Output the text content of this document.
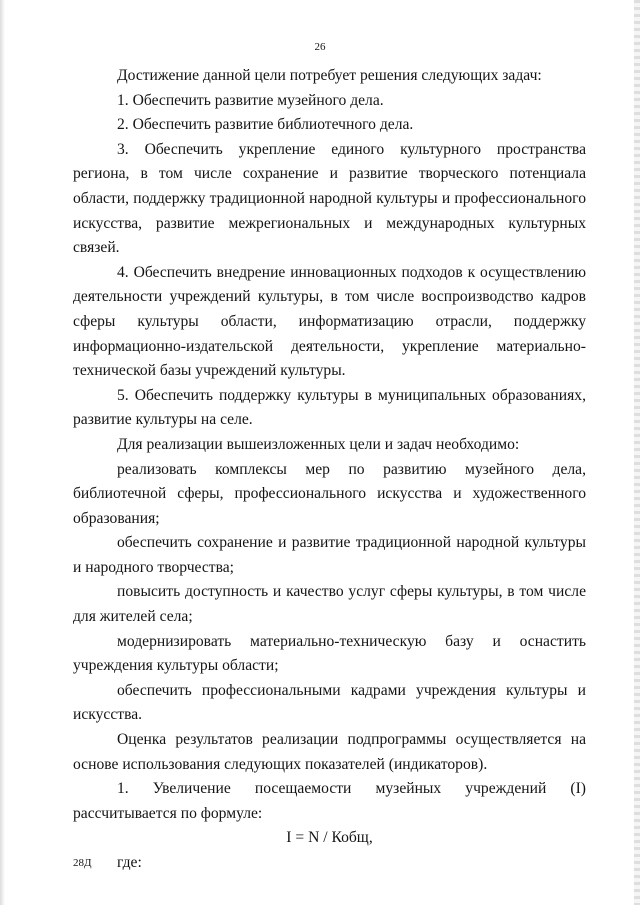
26

Достижение данной цели потребует решения следующих задач:

1. Обеспечить развитие музейного дела.

2. Обеспечить развитие библиотечного дела.

3. Обеспечить укрепление единого культурного пространства региона, в том числе сохранение и развитие творческого потенциала области, поддержку традиционной народной культуры и профессионального искусства, развитие межрегиональных и международных культурных связей.

4. Обеспечить внедрение инновационных подходов к осуществлению деятельности учреждений культуры, в том числе воспроизводство кадров сферы культуры области, информатизацию отрасли, поддержку информационно-издательской деятельности, укрепление материально-технической базы учреждений культуры.

5. Обеспечить поддержку культуры в муниципальных образованиях, развитие культуры на селе.

Для реализации вышеизложенных цели и задач необходимо:

реализовать комплексы мер по развитию музейного дела, библиотечной сферы, профессионального искусства и художественного образования;

обеспечить сохранение и развитие традиционной народной культуры и народного творчества;

повысить доступность и качество услуг сферы культуры, в том числе для жителей села;

модернизировать материально-техническую базу и оснастить учреждения культуры области;

обеспечить профессиональными кадрами учреждения культуры и искусства.

Оценка результатов реализации подпрограммы осуществляется на основе использования следующих показателей (индикаторов).

1. Увеличение посещаемости музейных учреждений (I) рассчитывается по формуле:

I = N / Кобщ,

где:

28Д
